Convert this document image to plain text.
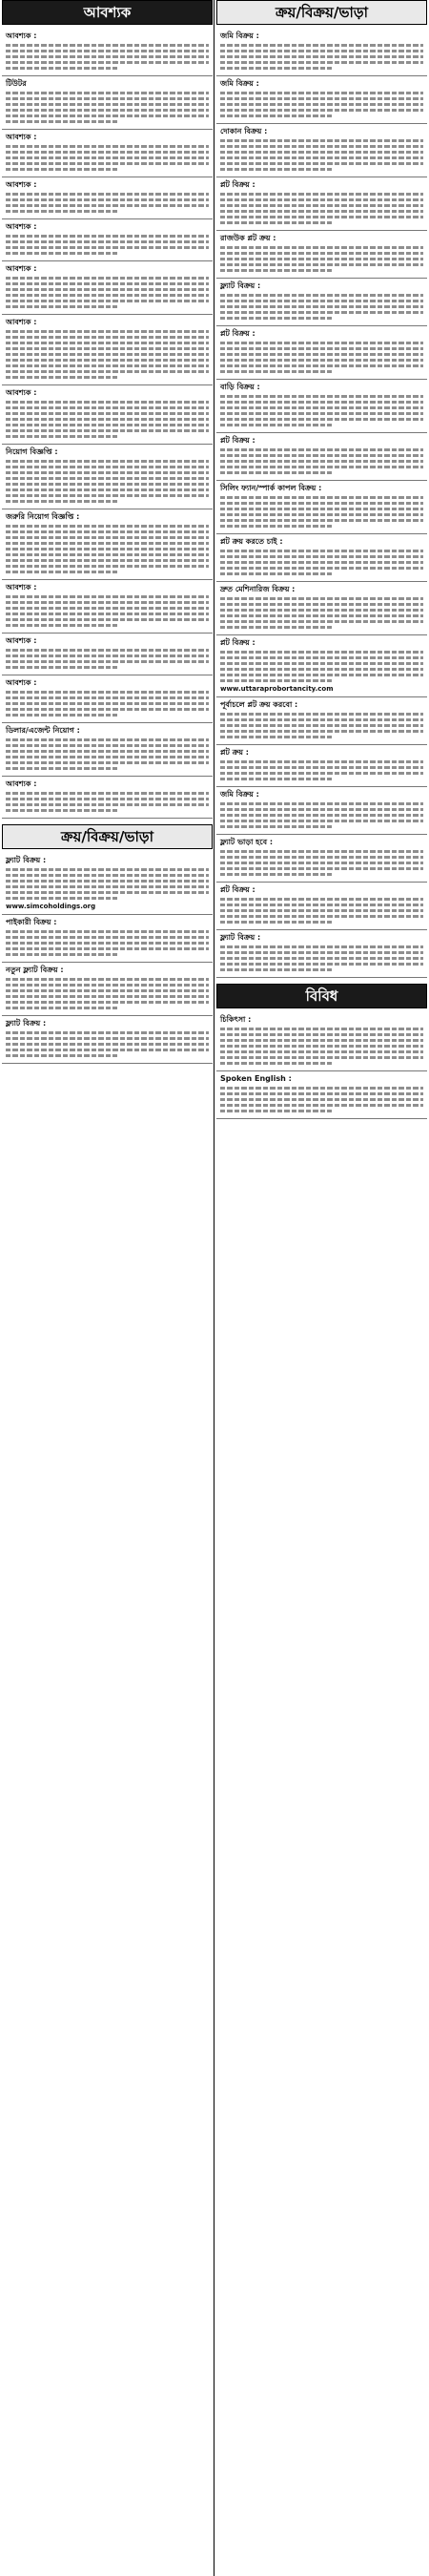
আবশ্যক
আবশ্যক :
টিউটর
আবশ্যক :
আবশ্যক :
আবশ্যক :
আবশ্যক :
আবশ্যক :
আবশ্যক :
নিয়োগ বিজ্ঞপ্তি :
জরুরি নিয়োগ বিজ্ঞপ্তি :
আবশ্যক :
আবশ্যক :
আবশ্যক :
ডিলার/এজেন্ট নিয়োগ :
আবশ্যক :
ক্রয়/বিক্রয়/ভাড়া
ফ্ল্যাট বিক্রয় :
www.simcoholdings.org
পাইকারী বিক্রয় :
নতুন ফ্ল্যাট বিক্রয় :
ফ্ল্যাট বিক্রয় :
ক্রয়/বিক্রয়/ভাড়া
জমি বিক্রয় :
জমি বিক্রয় :
দোকান বিক্রয় :
প্লট বিক্রয় :
রাজউক প্লট ক্রয় :
ফ্ল্যাট বিক্রয় :
প্লট বিক্রয় :
বাড়ি বিক্রয় :
প্লট বিক্রয় :
সিলিং ফ্যান/স্পার্ক কাপল বিক্রয় :
প্লট ক্রয় করতে চাই :
দ্রুত মেশিনারিজ বিক্রয় :
প্লট বিক্রয় :
www.uttaraprobortancity.com
পূর্বাচলে প্লট ক্রয় করবো :
প্লট ক্রয় :
জমি বিক্রয় :
ফ্ল্যাট ভাড়া হবে :
প্লট বিক্রয় :
ফ্ল্যাট বিক্রয় :
বিবিধ
চিকিৎসা :
Spoken English :
